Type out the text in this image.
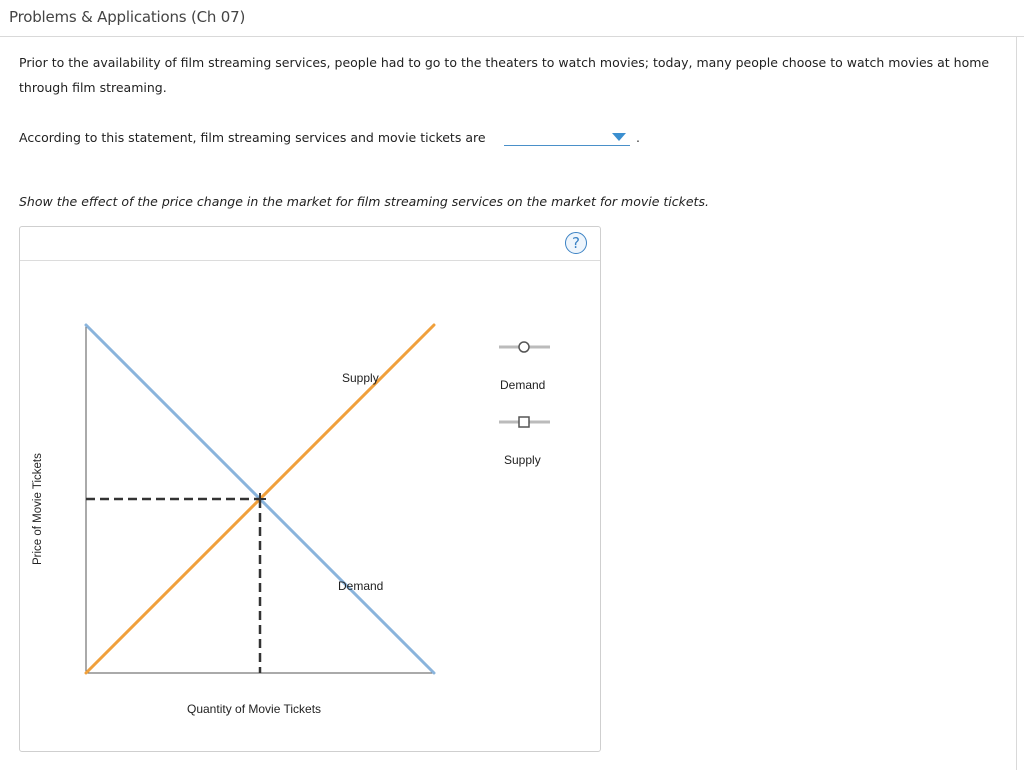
Problems & Applications (Ch 07)
Prior to the availability of film streaming services, people had to go to the theaters to watch movies; today, many people choose to watch movies at home through film streaming.
According to this statement, film streaming services and movie tickets are	.
Show the effect of the price change in the market for film streaming services on the market for movie tickets.
?
Supply
Demand
Quantity of Movie Tickets
Price of Movie Tickets
Demand
Supply
